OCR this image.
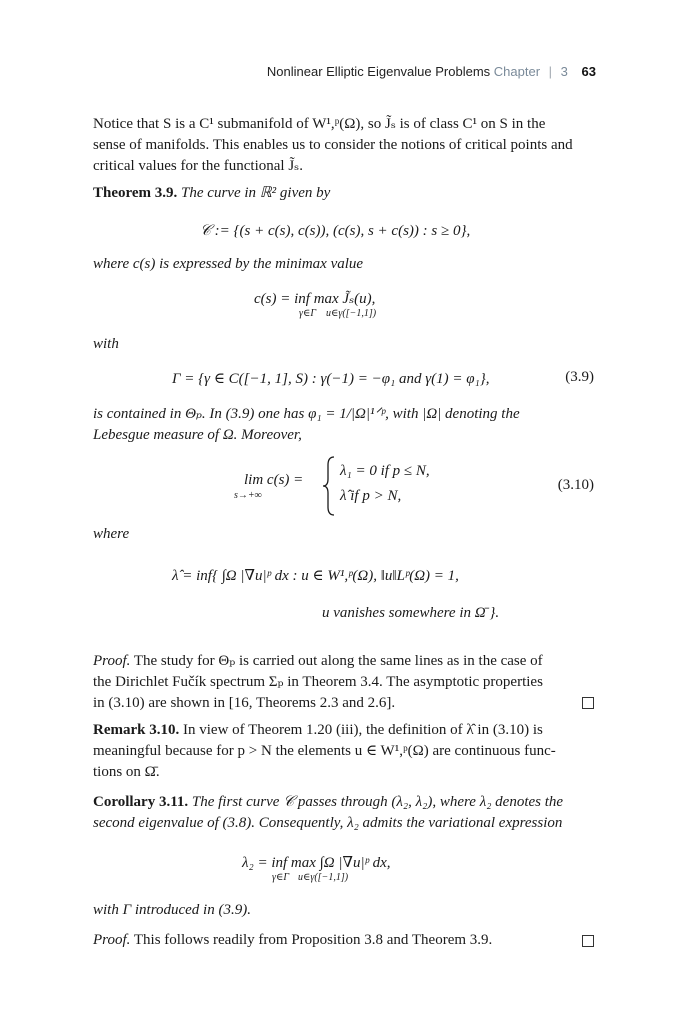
Nonlinear Elliptic Eigenvalue Problems Chapter | 3 63
Notice that S is a C¹ submanifold of W¹,ᵖ(Ω), so J̃ₛ is of class C¹ on S in the
sense of manifolds. This enables us to consider the notions of critical points and
critical values for the functional J̃ₛ.
Theorem 3.9. The curve in ℝ² given by
𝒞 := {(s + c(s), c(s)), (c(s), s + c(s)) : s ≥ 0},
where c(s) is expressed by the minimax value
c(s) = inf max J̃ₛ(u),
γ∈Γ u∈γ([−1,1])
with
Γ = {γ ∈ C([−1, 1], S) : γ(−1) = −φ₁ and γ(1) = φ₁},	(3.9)
is contained in Θₚ. In (3.9) one has φ₁ = 1/|Ω|¹ᐟᵖ, with |Ω| denoting the
Lebesgue measure of Ω. Moreover,
lim c(s) =
s→+∞
λ₁ = 0 if p ≤ N,
λ̂ if p > N,
(3.10)
where
λ̂ = inf{ ∫Ω |∇u|ᵖ dx : u ∈ W¹,ᵖ(Ω), ‖u‖Lᵖ(Ω) = 1,
u vanishes somewhere in Ω̄ }.
Proof. The study for Θₚ is carried out along the same lines as in the case of
the Dirichlet Fučík spectrum Σₚ in Theorem 3.4. The asymptotic properties
in (3.10) are shown in [16, Theorems 2.3 and 2.6].
Remark 3.10. In view of Theorem 1.20 (iii), the definition of λ̂ in (3.10) is
meaningful because for p > N the elements u ∈ W¹,ᵖ(Ω) are continuous func-
tions on Ω̄.
Corollary 3.11. The first curve 𝒞 passes through (λ₂, λ₂), where λ₂ denotes the
second eigenvalue of (3.8). Consequently, λ₂ admits the variational expression
λ₂ = inf max ∫Ω |∇u|ᵖ dx,
γ∈Γ u∈γ([−1,1])
with Γ introduced in (3.9).
Proof. This follows readily from Proposition 3.8 and Theorem 3.9.
